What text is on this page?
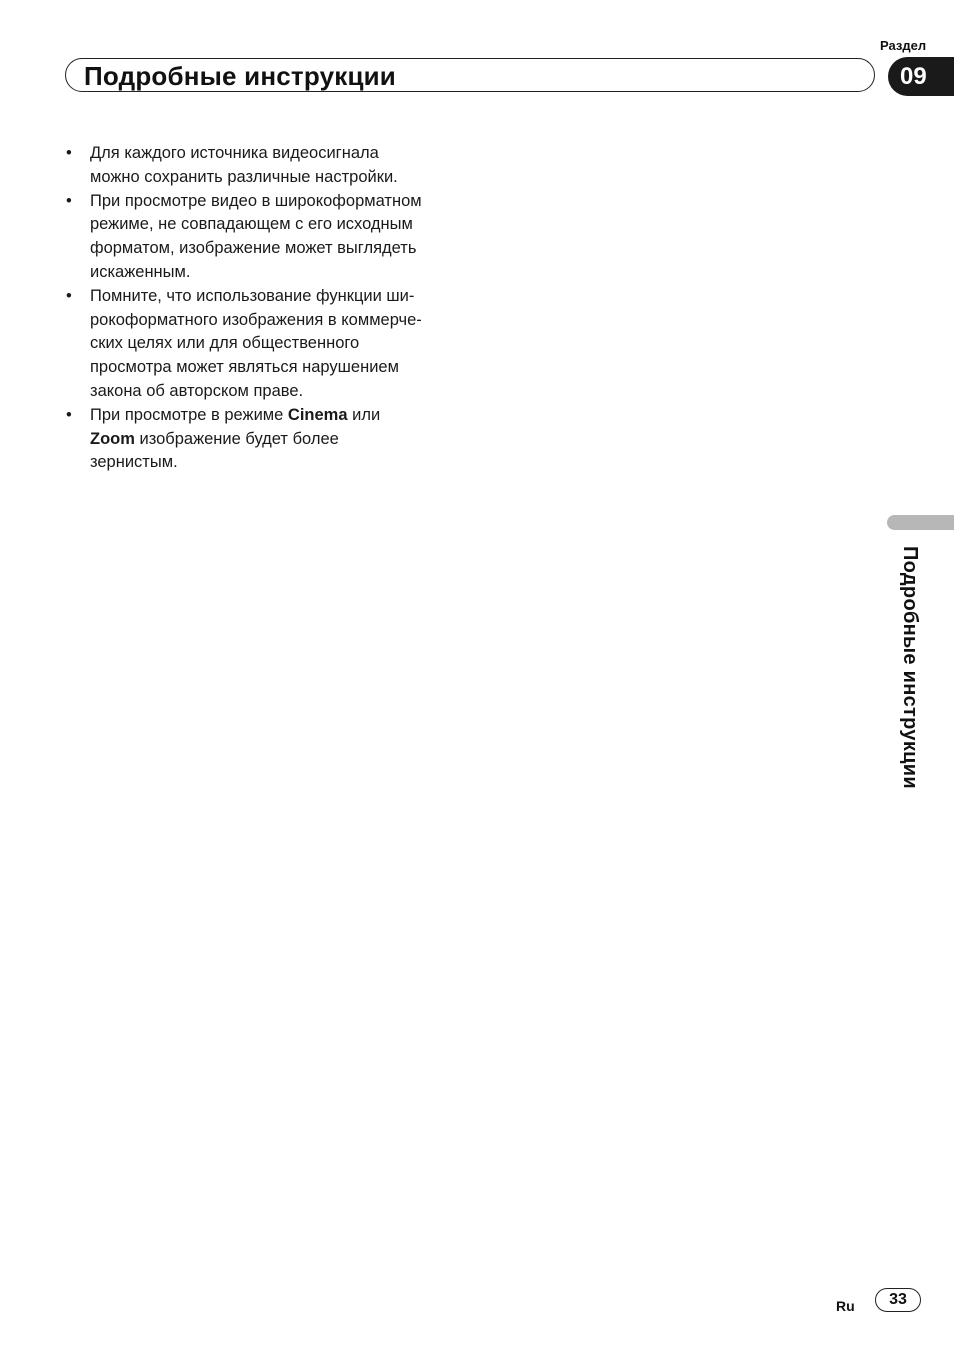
Раздел
Подробные инструкции	09
• Для каждого источника видеосигнала
можно сохранить различные настройки.
• При просмотре видео в широкоформатном
режиме, не совпадающем с его исходным
форматом, изображение может выглядеть
искаженным.
• Помните, что использование функции ши-
рокоформатного изображения в коммерче-
ских целях или для общественного
просмотра может являться нарушением
закона об авторском праве.
• При просмотре в режиме Cinema или
Zoom изображение будет более
зернистым.
Подробные инструкции
Ru	33
